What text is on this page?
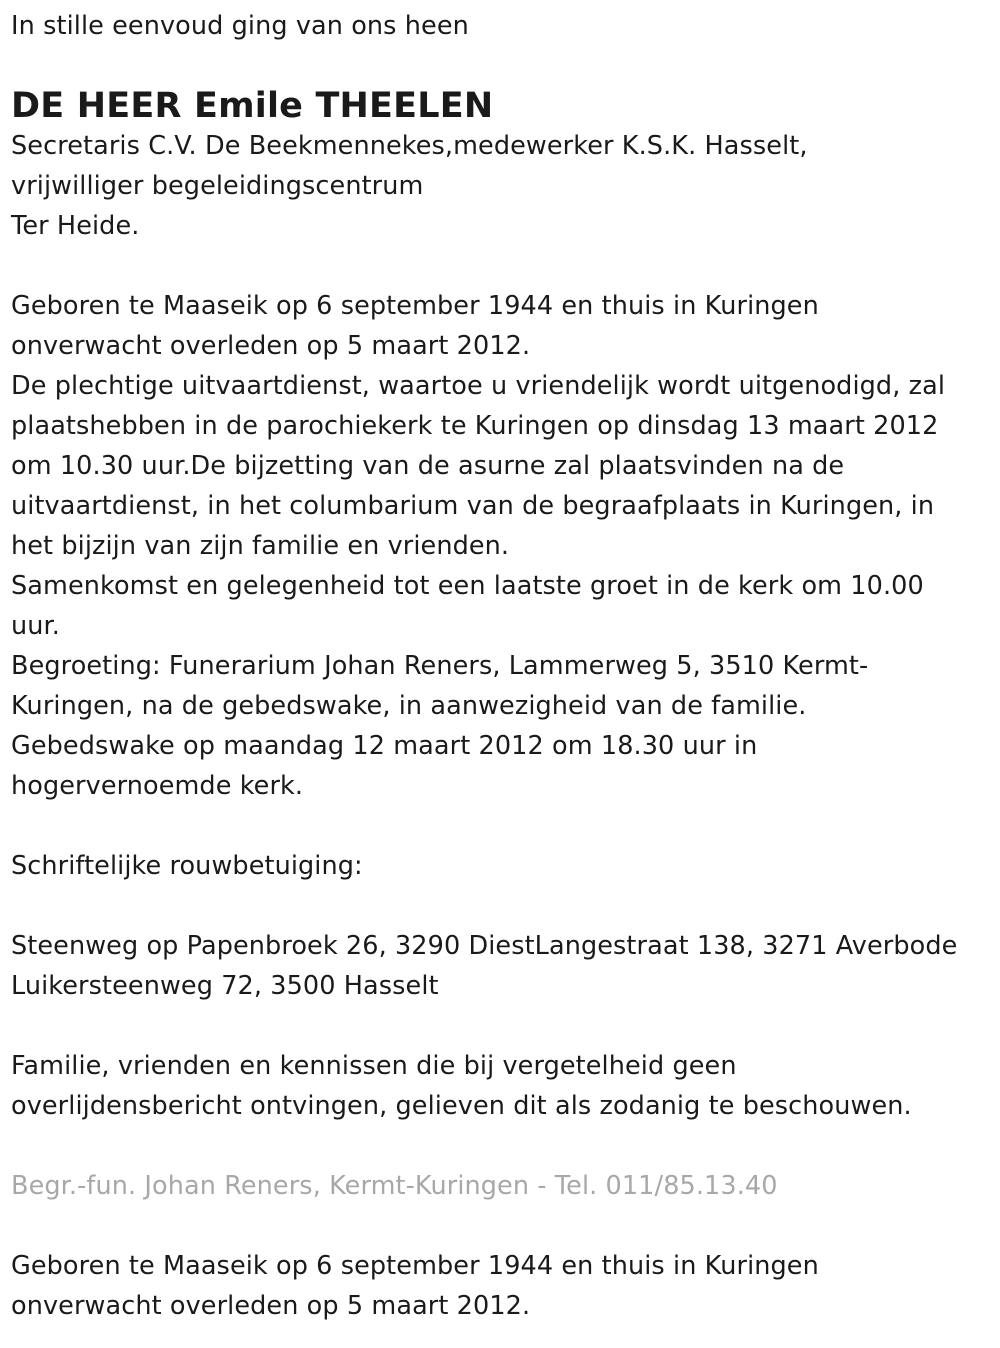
In stille eenvoud ging van ons heen
DE HEER Emile THEELEN
Secretaris C.V. De Beekmennekes,medewerker K.S.K. Hasselt,
vrijwilliger begeleidingscentrum
Ter Heide.
Geboren te Maaseik op 6 september 1944 en thuis in Kuringen
onverwacht overleden op 5 maart 2012.
De plechtige uitvaartdienst, waartoe u vriendelijk wordt uitgenodigd, zal
plaatshebben in de parochiekerk te Kuringen op dinsdag 13 maart 2012
om 10.30 uur.De bijzetting van de asurne zal plaatsvinden na de
uitvaartdienst, in het columbarium van de begraafplaats in Kuringen, in
het bijzijn van zijn familie en vrienden.
Samenkomst en gelegenheid tot een laatste groet in de kerk om 10.00
uur.
Begroeting: Funerarium Johan Reners, Lammerweg 5, 3510 Kermt-
Kuringen, na de gebedswake, in aanwezigheid van de familie.
Gebedswake op maandag 12 maart 2012 om 18.30 uur in
hogervernoemde kerk.
Schriftelijke rouwbetuiging:
Steenweg op Papenbroek 26, 3290 DiestLangestraat 138, 3271 Averbode
Luikersteenweg 72, 3500 Hasselt
Familie, vrienden en kennissen die bij vergetelheid geen
overlijdensbericht ontvingen, gelieven dit als zodanig te beschouwen.
Begr.-fun. Johan Reners, Kermt-Kuringen - Tel. 011/85.13.40
Geboren te Maaseik op 6 september 1944 en thuis in Kuringen
onverwacht overleden op 5 maart 2012.
